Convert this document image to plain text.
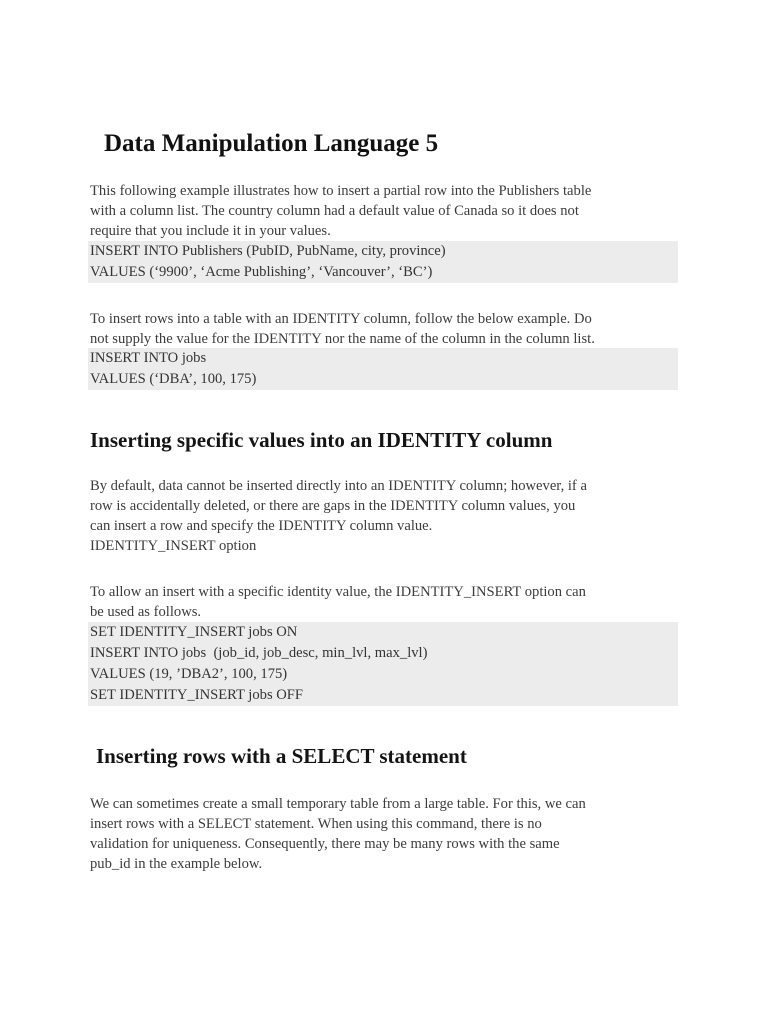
Data Manipulation Language 5

This following example illustrates how to insert a partial row into the Publishers table
with a column list. The country column had a default value of Canada so it does not
require that you include it in your values.

INSERT INTO Publishers (PubID, PubName, city, province)
VALUES (‘9900’, ‘Acme Publishing’, ‘Vancouver’, ‘BC’)

To insert rows into a table with an IDENTITY column, follow the below example. Do
not supply the value for the IDENTITY nor the name of the column in the column list.

INSERT INTO jobs
VALUES (‘DBA’, 100, 175)
Inserting specific values into an IDENTITY column

By default, data cannot be inserted directly into an IDENTITY column; however, if a
row is accidentally deleted, or there are gaps in the IDENTITY column values, you
can insert a row and specify the IDENTITY column value.
IDENTITY_INSERT option

To allow an insert with a specific identity value, the IDENTITY_INSERT option can
be used as follows.

SET IDENTITY_INSERT jobs ON
INSERT INTO jobs  (job_id, job_desc, min_lvl, max_lvl)
VALUES (19, ’DBA2’, 100, 175)
SET IDENTITY_INSERT jobs OFF
Inserting rows with a SELECT statement

We can sometimes create a small temporary table from a large table. For this, we can
insert rows with a SELECT statement. When using this command, there is no
validation for uniqueness. Consequently, there may be many rows with the same
pub_id in the example below.
